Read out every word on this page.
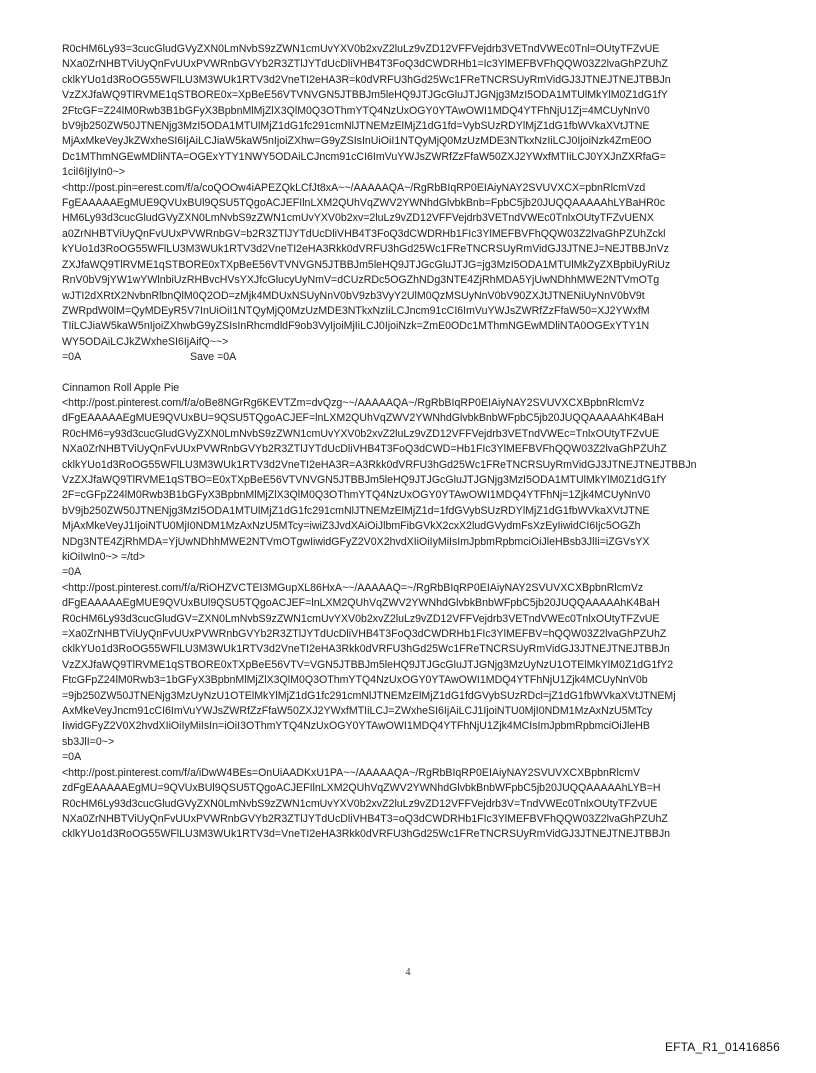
R0cHM6Ly93=3cucGludGVyZXN0LmNvbS9zZWN1cmUvYXV0b2xvZ2luLz9vZD12VFFVejdrb3VETndVWEc0Tnl=OUtyTFZvUE
NXa0ZrNHBTViUyQnFvUUxPVWRnbGVYb2R3ZTlJYTdUcDliVHB4T3FoQ3dCWDRHb1=Ic3YlMEFBVFhQQW03Z2lvaGhPZUhZ
cklkYUo1d3RoOG55WFlLU3M3WUk1RTV3d2VneTI2eHA3R=k0dVRFU3hGd25Wc1FReTNCRSUyRmVidGJ3JTNEJTNEJTBBJn
VzZXJfaWQ9TlRVME1qSTBORE0x=XpBeE56VTVNVGN5JTBBJm5leHQ9JTJGcGluJTJGNjg3MzI5ODA1MTUlMkYlM0Z1dG1fY
2FtcGF=Z24lM0Rwb3B1bGFyX3BpbnMlMjZlX3QlM0Q3OThmYTQ4NzUxOGY0YTAwOWI1MDQ4YTFhNjU1Zj=4MCUyNnV0
bV9jb250ZW50JTNENjg3MzI5ODA1MTUlMjZ1dG1fc291cmNlJTNEMzElMjZ1dG1fd=VybSUzRDYlMjZ1dG1fbWVkaXVtJTNE
MjAxMkeVeyJkZWxheSI6IjAiLCJiaW5kaW5nIjoiZXhw=G9yZSIsInUiOiI1NTQyMjQ0MzUzMDE3NTkxNzIiLCJ0IjoiNzk4ZmE0O
Dc1MThmNGEwMDliNTA=OGExYTY1NWY5ODAiLCJncm91cCI6ImVuYWJsZWRfZzFfaW50ZXJ2YWxfMTIiLCJ0YXJnZXRfaG=
1ciI6IjIyIn0~>
<http://post.pin=erest.com/f/a/coQOOw4iAPEZQkLCfJt8xA~~/AAAAAQA~/RgRbBIqRP0EIAiyNAY2SVUVXCX=pbnRlcmVzd
FgEAAAAAEgMUE9QVUxBUl9QSU5TQgoACJEFIlnLXM2QUhVqZWV2YWNhdGlvbkBnb=FpbC5jb20JUQQAAAAAhLYBaHR0c
HM6Ly93d3cucGludGVyZXN0LmNvbS9zZWN1cmUvYXV0b2xv=2luLz9vZD12VFFVejdrb3VETndVWEc0TnlxOUtyTFZvUENX
a0ZrNHBTViUyQnFvUUxPVWRnbGV=b2R3ZTlJYTdUcDliVHB4T3FoQ3dCWDRHb1FIc3YlMEFBVFhQQW03Z2lvaGhPZUhZckl
kYUo1d3RoOG55WFlLU3M3WUk1RTV3d2VneTI2eHA3Rkk0dVRFU3hGd25Wc1FReTNCRSUyRmVidGJ3JTNEJ=NEJTBBJnVz
ZXJfaWQ9TlRVME1qSTBORE0xTXpBeE56VTVNVGN5JTBBJm5leHQ9JTJGcGluJTJG=jg3MzI5ODA1MTUlMkZyZXBpbiUyRiUz
RnV0bV9jYW1wYWlnbiUzRHBvcHVsYXJfcGlucyUyNmV=dCUzRDc5OGZhNDg3NTE4ZjRhMDA5YjUwNDhhMWE2NTVmOTg
wJTI2dXRtX2NvbnRlbnQlM0Q2OD=zMjk4MDUxNSUyNnV0bV9zb3VyY2UlM0QzMSUyNnV0bV90ZXJtJTNENiUyNnV0bV9t
ZWRpdW0lM=QyMDEyR5V7InUiOiI1NTQyMjQ0MzUzMDE3NTkxNzIiLCJncm91cCI6ImVuYWJsZWRfZzFfaW50=XJ2YWxfM
TIiLCJiaW5kaW5nIjoiZXhwbG9yZSIsInRhcmdldF9ob3VyIjoiMjIiLCJ0IjoiNzk=ZmE0ODc1MThmNGEwMDliNTA0OGExYTY1N
WY5ODAiLCJkZWxheSI6IjAifQ~~>
=0A	Save =0A
Cinnamon Roll Apple Pie
<http://post.pinterest.com/f/a/oBe8NGrRg6KEVTZm=dvQzg~~/AAAAAQA~/RgRbBIqRP0EIAiyNAY2SVUVXCXBpbnRlcmVz
dFgEAAAAAEgMUE9QVUxBU=9QSU5TQgoACJEF=lnLXM2QUhVqZWV2YWNhdGlvbkBnbWFpbC5jb20JUQQAAAAAhK4BaH
R0cHM6=y93d3cucGludGVyZXN0LmNvbS9zZWN1cmUvYXV0b2xvZ2luLz9vZD12VFFVejdrb3VETndVWEc=TnlxOUtyTFZvUE
NXa0ZrNHBTViUyQnFvUUxPVWRnbGVYb2R3ZTlJYTdUcDliVHB4T3FoQ3dCWD=Hb1FIc3YlMEFBVFhQQW03Z2lvaGhPZUhZ
cklkYUo1d3RoOG55WFlLU3M3WUk1RTV3d2VneTI2eHA3R=A3Rkk0dVRFU3hGd25Wc1FReTNCRSUyRmVidGJ3JTNEJTNEJTBBJn
VzZXJfaWQ9TlRVME1qSTBO=E0xTXpBeE56VTVNVGN5JTBBJm5leHQ9JTJGcGluJTJGNjg3MzI5ODA1MTUlMkYlM0Z1dG1fY
2F=cGFpZ24lM0Rwb3B1bGFyX3BpbnMlMjZlX3QlM0Q3OThmYTQ4NzUxOGY0YTAwOWI1MDQ4YTFhNj=1Zjk4MCUyNnV0
bV9jb250ZW50JTNENjg3MzI5ODA1MTUlMjZ1dG1fc291cmNlJTNEMzElMjZ1d=1fdGVybSUzRDYlMjZ1dG1fbWVkaXVtJTNE
MjAxMkeVeyJ1IjoiNTU0MjI0NDM1MzAxNzU5MTcy=iwiZ3JvdXAiOiJlbmFibGVkX2cxX2ludGVydmFsXzEyIiwidCI6Ijc5OGZh
NDg3NTE4ZjRhMDA=YjUwNDhhMWE2NTVmOTgwIiwidGFyZ2V0X2hvdXIiOiIyMiIsImJpbmRpbmciOiJleHBsb3JlIi=iZGVsYX
kiOiIwIn0~> =/td>
=0A
<http://post.pinterest.com/f/a/RiOHZVCTEI3MGupXL86HxA~~/AAAAAQ=~/RgRbBIqRP0EIAiyNAY2SVUVXCXBpbnRlcmVz
dFgEAAAAAEgMUE9QVUxBUl9QSU5TQgoACJEF=lnLXM2QUhVqZWV2YWNhdGlvbkBnbWFpbC5jb20JUQQAAAAAhK4BaH
R0cHM6Ly93d3cucGludGV=ZXN0LmNvbS9zZWN1cmUvYXV0b2xvZ2luLz9vZD12VFFVejdrb3VETndVWEc0TnlxOUtyTFZvUE
=Xa0ZrNHBTViUyQnFvUUxPVWRnbGVYb2R3ZTlJYTdUcDliVHB4T3FoQ3dCWDRHb1FIc3YlMEFBV=hQQW03Z2lvaGhPZUhZ
cklkYUo1d3RoOG55WFlLU3M3WUk1RTV3d2VneTI2eHA3Rkk0dVRFU3hGd25Wc1FReTNCRSUyRmVidGJ3JTNEJTNEJTBBJn
VzZXJfaWQ9TlRVME1qSTBORE0xTXpBeE56VTV=VGN5JTBBJm5leHQ9JTJGcGluJTJGNjg3MzUyNzU1OTElMkYlM0Z1dG1fY2
FtcGFpZ24lM0Rwb3=1bGFyX3BpbnMlMjZlX3QlM0Q3OThmYTQ4NzUxOGY0YTAwOWI1MDQ4YTFhNjU1Zjk4MCUyNnV0b
=9jb250ZW50JTNENjg3MzUyNzU1OTElMkYlMjZ1dG1fc291cmNlJTNEMzElMjZ1dG1fdGVybSUzRDcl=jZ1dG1fbWVkaXVtJTNEMj
AxMkeVeyJncm91cCI6ImVuYWJsZWRfZzFfaW50ZXJ2YWxfMTIiLCJ=ZWxheSI6IjAiLCJ1IjoiNTU0MjI0NDM1MzAxNzU5MTcy
IiwidGFyZ2V0X2hvdXIiOiIyMiIsIn=iOiI3OThmYTQ4NzUxOGY0YTAwOWI1MDQ4YTFhNjU1Zjk4MCIsImJpbmRpbmciOiJleHB
sb3JlI=0~>
=0A
<http://post.pinterest.com/f/a/iDwW4BEs=OnUiAADKxU1PA~~/AAAAAQA~/RgRbBIqRP0EIAiyNAY2SVUVXCXBpbnRlcmV
zdFgEAAAAAEgMU=9QVUxBUl9QSU5TQgoACJEFIlnLXM2QUhVqZWV2YWNhdGlvbkBnbWFpbC5jb20JUQQAAAAAhLYB=H
R0cHM6Ly93d3cucGludGVyZXN0LmNvbS9zZWN1cmUvYXV0b2xvZ2luLz9vZD12VFFVejdrb3V=TndVWEc0TnlxOUtyTFZvUE
NXa0ZrNHBTViUyQnFvUUxPVWRnbGVYb2R3ZTlJYTdUcDliVHB4T3=oQ3dCWDRHb1FIc3YlMEFBVFhQQW03Z2lvaGhPZUhZ
cklkYUo1d3RoOG55WFlLU3M3WUk1RTV3d=VneTI2eHA3Rkk0dVRFU3hGd25Wc1FReTNCRSUyRmVidGJ3JTNEJTNEJTBBJn
4
EFTA_R1_01416856
